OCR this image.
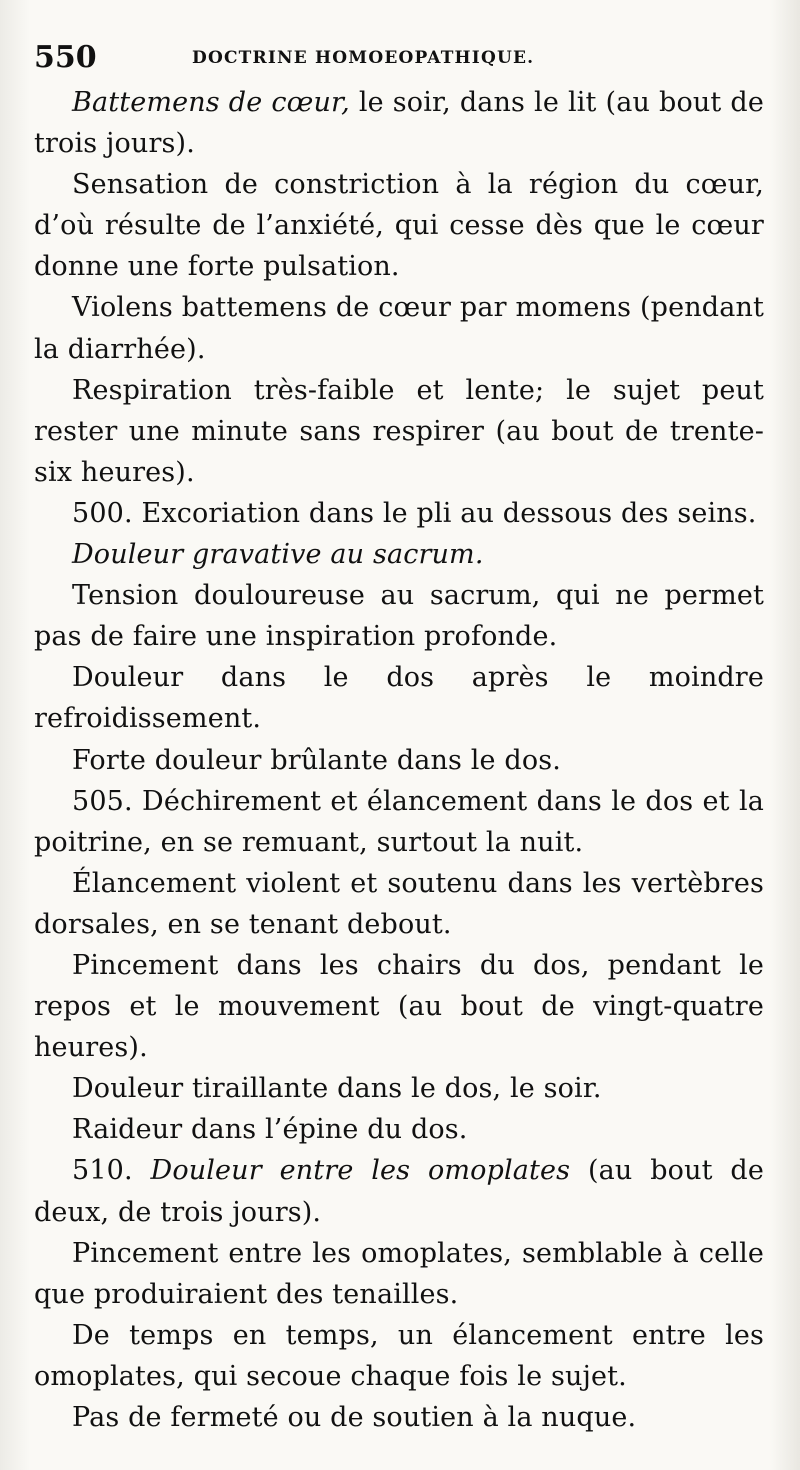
550	DOCTRINE HOMOEOPATHIQUE.

Battemens de cœur, le soir, dans le lit (au bout de trois jours).

Sensation de constriction à la région du cœur, d’où résulte de l’anxiété, qui cesse dès que le cœur donne une forte pulsation.

Violens battemens de cœur par momens (pendant la diarrhée).

Respiration très-faible et lente; le sujet peut rester une minute sans respirer (au bout de trente-six heures).

500. Excoriation dans le pli au dessous des seins.

Douleur gravative au sacrum.

Tension douloureuse au sacrum, qui ne permet pas de faire une inspiration profonde.

Douleur dans le dos après le moindre refroidissement.

Forte douleur brûlante dans le dos.

505. Déchirement et élancement dans le dos et la poitrine, en se remuant, surtout la nuit.

Élancement violent et soutenu dans les vertèbres dorsales, en se tenant debout.

Pincement dans les chairs du dos, pendant le repos et le mouvement (au bout de vingt-quatre heures).

Douleur tiraillante dans le dos, le soir.

Raideur dans l’épine du dos.

510. Douleur entre les omoplates (au bout de deux, de trois jours).

Pincement entre les omoplates, semblable à celle que produiraient des tenailles.

De temps en temps, un élancement entre les omoplates, qui secoue chaque fois le sujet.

Pas de fermeté ou de soutien à la nuque.
